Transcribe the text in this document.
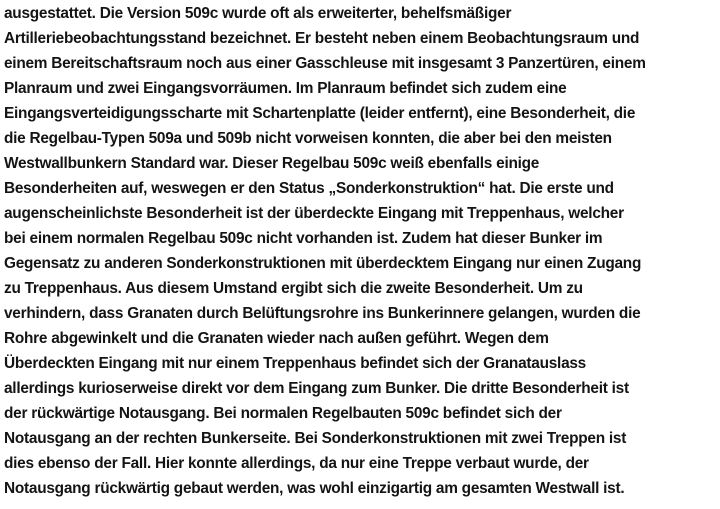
ausgestattet. Die Version 509c wurde oft als erweiterter, behelfsmäßiger
Artilleriebeobachtungsstand bezeichnet. Er besteht neben einem Beobachtungsraum und
einem Bereitschaftsraum noch aus einer Gasschleuse mit insgesamt 3 Panzertüren, einem
Planraum und zwei Eingangsvorräumen. Im Planraum befindet sich zudem eine
Eingangsverteidigungsscharte mit Schartenplatte (leider entfernt), eine Besonderheit, die
die Regelbau-Typen 509a und 509b nicht vorweisen konnten, die aber bei den meisten
Westwallbunkern Standard war. Dieser Regelbau 509c weiß ebenfalls einige
Besonderheiten auf, weswegen er den Status „Sonderkonstruktion“ hat. Die erste und
augenscheinlichste Besonderheit ist der überdeckte Eingang mit Treppenhaus, welcher
bei einem normalen Regelbau 509c nicht vorhanden ist. Zudem hat dieser Bunker im
Gegensatz zu anderen Sonderkonstruktionen mit überdecktem Eingang nur einen Zugang
zu Treppenhaus. Aus diesem Umstand ergibt sich die zweite Besonderheit. Um zu
verhindern, dass Granaten durch Belüftungsrohre ins Bunkerinnere gelangen, wurden die
Rohre abgewinkelt und die Granaten wieder nach außen geführt. Wegen dem
Überdeckten Eingang mit nur einem Treppenhaus befindet sich der Granatauslass
allerdings kurioserweise direkt vor dem Eingang zum Bunker. Die dritte Besonderheit ist
der rückwärtige Notausgang. Bei normalen Regelbauten 509c befindet sich der
Notausgang an der rechten Bunkerseite. Bei Sonderkonstruktionen mit zwei Treppen ist
dies ebenso der Fall. Hier konnte allerdings, da nur eine Treppe verbaut wurde, der
Notausgang rückwärtig gebaut werden, was wohl einzigartig am gesamten Westwall ist.
